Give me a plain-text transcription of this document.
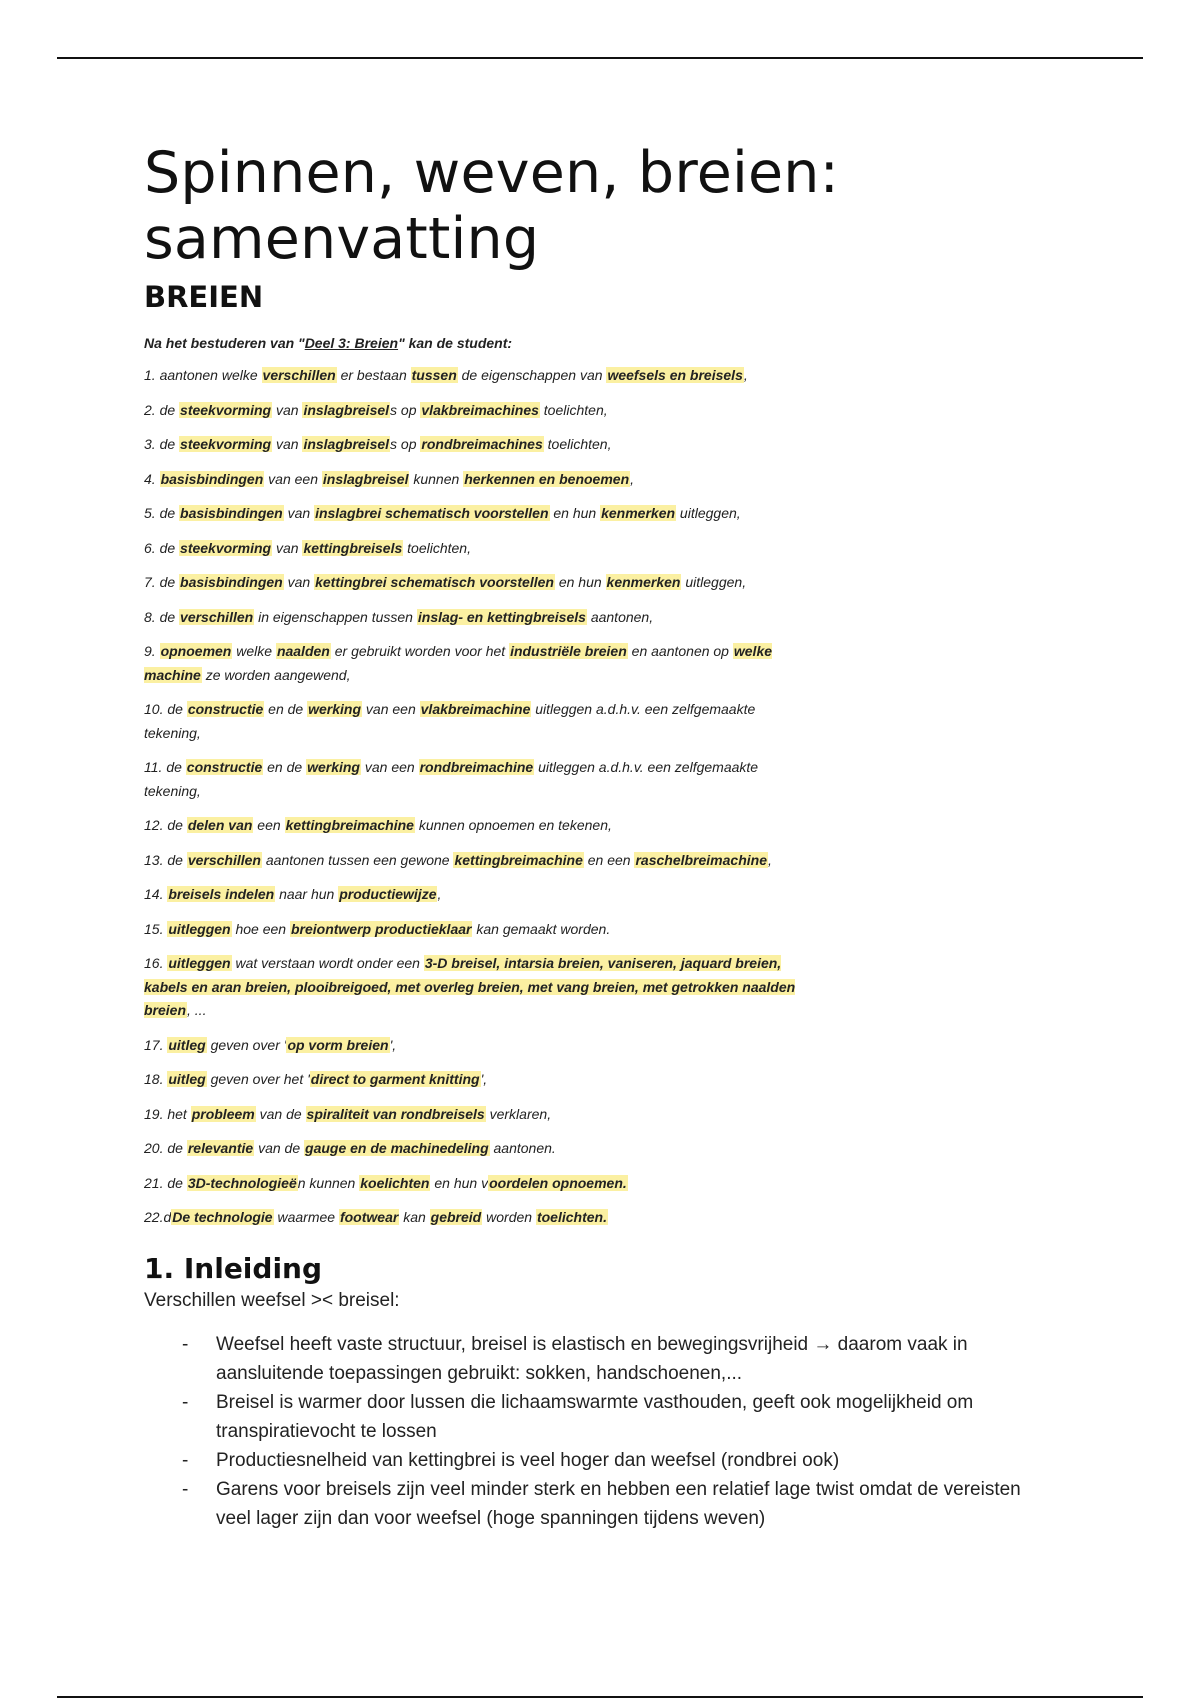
Spinnen, weven, breien: samenvatting
BREIEN

Na het bestuderen van "Deel 3: Breien" kan de student:

1. aantonen welke verschillen er bestaan tussen de eigenschappen van weefsels en breisels,
2. de steekvorming van inslagbreisels op vlakbreimachines toelichten,
3. de steekvorming van inslagbreisels op rondbreimachines toelichten,
4. basisbindingen van een inslagbreisel kunnen herkennen en benoemen,
5. de basisbindingen van inslagbrei schematisch voorstellen en hun kenmerken uitleggen,
6. de steekvorming van kettingbreisels toelichten,
7. de basisbindingen van kettingbrei schematisch voorstellen en hun kenmerken uitleggen,
8. de verschillen in eigenschappen tussen inslag- en kettingbreisels aantonen,
9. opnoemen welke naalden er gebruikt worden voor het industriële breien en aantonen op welke machine ze worden aangewend,
10. de constructie en de werking van een vlakbreimachine uitleggen a.d.h.v. een zelfgemaakte tekening,
11. de constructie en de werking van een rondbreimachine uitleggen a.d.h.v. een zelfgemaakte tekening,
12. de delen van een kettingbreimachine kunnen opnoemen en tekenen,
13. de verschillen aantonen tussen een gewone kettingbreimachine en een raschelbreimachine,
14. breisels indelen naar hun productiewijze,
15. uitleggen hoe een breiontwerp productieklaar kan gemaakt worden.
16. uitleggen wat verstaan wordt onder een 3-D breisel, intarsia breien, vaniseren, jaquard breien, kabels en aran breien, plooibreigoed, met overleg breien, met vang breien, met getrokken naalden breien, ...
17. uitleg geven over 'op vorm breien',
18. uitleg geven over het 'direct to garment knitting',
19. het probleem van de spiraliteit van rondbreisels verklaren,
20. de relevantie van de gauge en de machinedeling aantonen.
21. de 3D-technologieën kunnen koelichten en hun voordelen opnoemen.
22.dDe technologie waarmee footwear kan gebreid worden toelichten.
1. Inleiding

Verschillen weefsel >< breisel:

- Weefsel heeft vaste structuur, breisel is elastisch en bewegingsvrijheid → daarom vaak in aansluitende toepassingen gebruikt: sokken, handschoenen,...
- Breisel is warmer door lussen die lichaamswarmte vasthouden, geeft ook mogelijkheid om transpiratievocht te lossen
- Productiesnelheid van kettingbrei is veel hoger dan weefsel (rondbrei ook)
- Garens voor breisels zijn veel minder sterk en hebben een relatief lage twist omdat de vereisten veel lager zijn dan voor weefsel (hoge spanningen tijdens weven)
